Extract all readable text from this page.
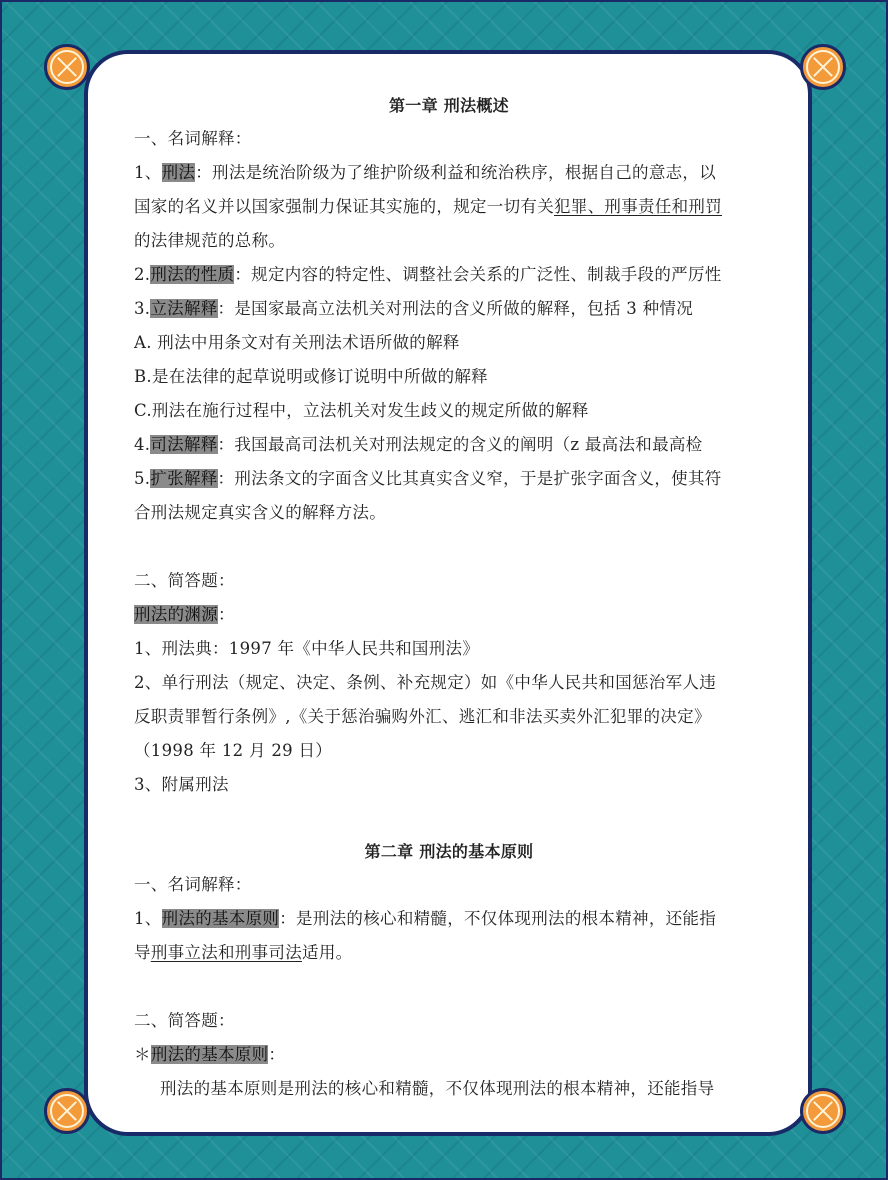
第一章 刑法概述
一、名词解释：
1、刑法：刑法是统治阶级为了维护阶级利益和统治秩序，根据自己的意志，以
国家的名义并以国家强制力保证其实施的，规定一切有关犯罪、刑事责任和刑罚
的法律规范的总称。
2.刑法的性质：规定内容的特定性、调整社会关系的广泛性、制裁手段的严厉性
3.立法解释：是国家最高立法机关对刑法的含义所做的解释，包括 3 种情况
A. 刑法中用条文对有关刑法术语所做的解释
B.是在法律的起草说明或修订说明中所做的解释
C.刑法在施行过程中，立法机关对发生歧义的规定所做的解释
4.司法解释：我国最高司法机关对刑法规定的含义的阐明（z 最高法和最高检
5.扩张解释：刑法条文的字面含义比其真实含义窄，于是扩张字面含义，使其符
合刑法规定真实含义的解释方法。
二、简答题：
刑法的渊源：
1、刑法典：1997 年《中华人民共和国刑法》
2、单行刑法（规定、决定、条例、补充规定）如《中华人民共和国惩治军人违
反职责罪暂行条例》,《关于惩治骗购外汇、逃汇和非法买卖外汇犯罪的决定》
（1998 年 12 月 29 日）
3、附属刑法
第二章 刑法的基本原则
一、名词解释：
1、刑法的基本原则：是刑法的核心和精髓，不仅体现刑法的根本精神，还能指
导刑事立法和刑事司法适用。
二、简答题：
＊刑法的基本原则：
刑法的基本原则是刑法的核心和精髓，不仅体现刑法的根本精神，还能指导
